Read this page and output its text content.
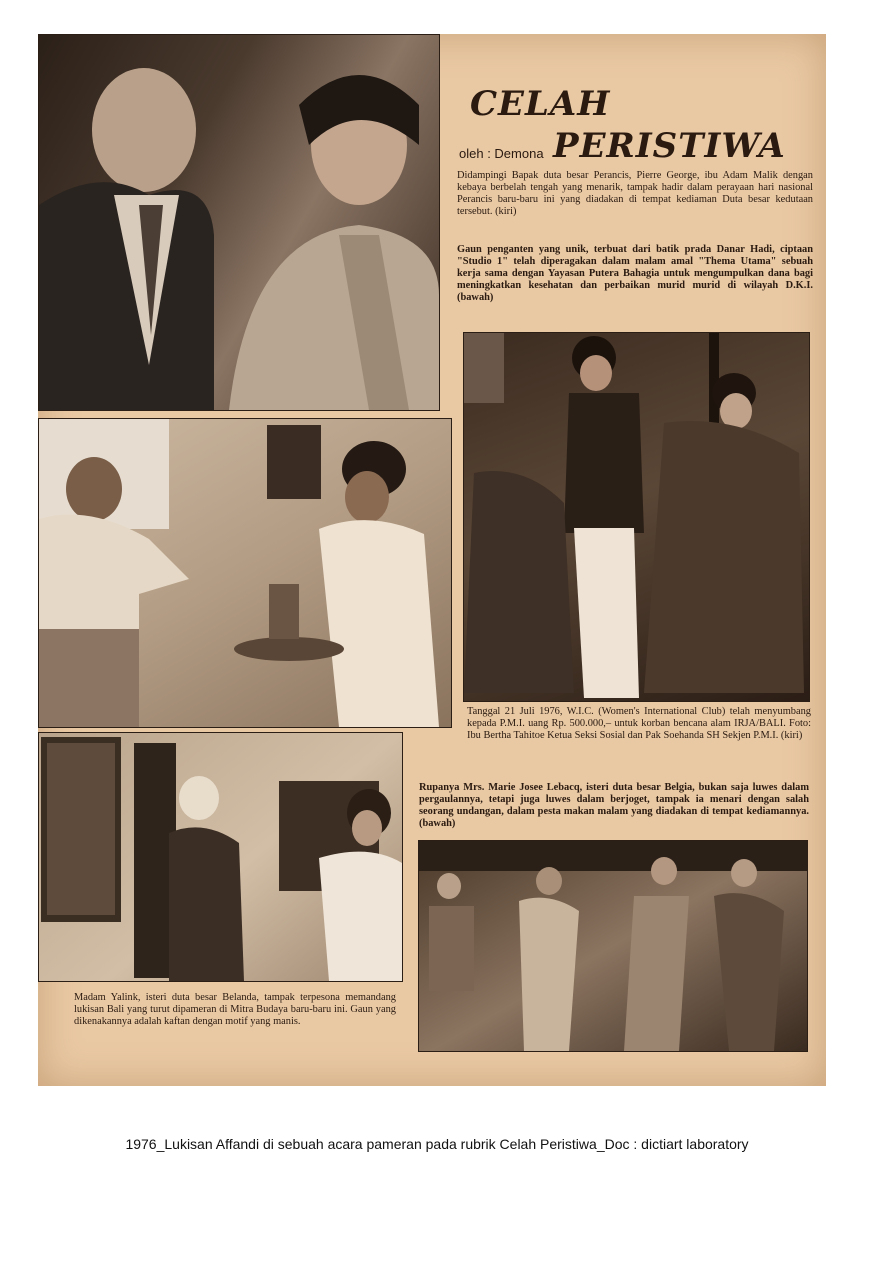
CELAH
oleh : Demona PERISTIWA
Didampingi Bapak duta besar Perancis, Pierre George, ibu Adam Malik dengan kebaya berbelah tengah yang menarik, tampak hadir dalam perayaan hari nasional Perancis baru-baru ini yang diadakan di tempat kediaman Duta besar kedutaan tersebut. (kiri)
Gaun penganten yang unik, terbuat dari batik prada Danar Hadi, ciptaan "Studio 1" telah diperagakan dalam malam amal "Thema Utama" sebuah kerja sama dengan Yayasan Putera Bahagia untuk mengumpulkan dana bagi meningkatkan kesehatan dan perbaikan murid murid di wilayah D.K.I. (bawah)
Tanggal 21 Juli 1976, W.I.C. (Women's International Club) telah menyumbang kepada P.M.I. uang Rp. 500.000,– untuk korban bencana alam IRJA/BALI. Foto: Ibu Bertha Tahitoe Ketua Seksi Sosial dan Pak Soehanda SH Sekjen P.M.I. (kiri)
Rupanya Mrs. Marie Josee Lebacq, isteri duta besar Belgia, bukan saja luwes dalam pergaulannya, tetapi juga luwes dalam berjoget, tampak ia menari dengan salah seorang undangan, dalam pesta makan malam yang diadakan di tempat kediamannya. (bawah)
Madam Yalink, isteri duta besar Belanda, tampak terpesona memandang lukisan Bali yang turut dipameran di Mitra Budaya baru-baru ini. Gaun yang dikenakannya adalah kaftan dengan motif yang manis.
1976_Lukisan Affandi di sebuah acara pameran pada rubrik Celah Peristiwa_Doc : dictiart laboratory
